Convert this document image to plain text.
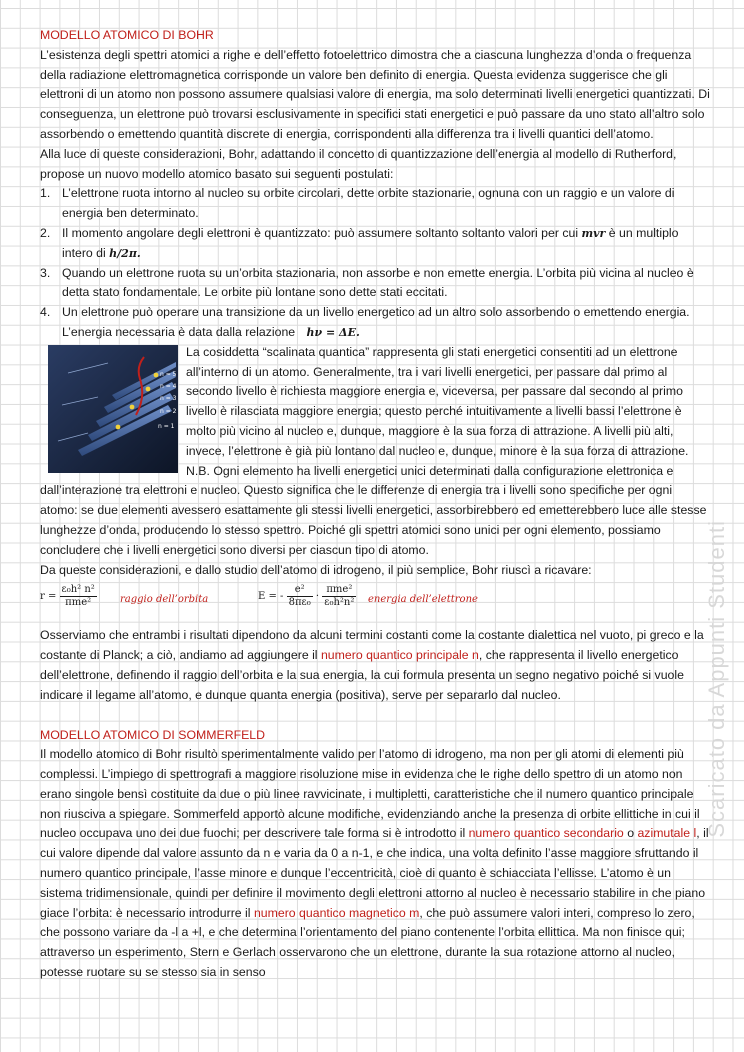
MODELLO ATOMICO DI BOHR

L’esistenza degli spettri atomici a righe e dell’effetto fotoelettrico dimostra che a ciascuna lunghezza d’onda o frequenza della radiazione elettromagnetica corrisponde un valore ben definito di energia. Questa evidenza suggerisce che gli elettroni di un atomo non possono assumere qualsiasi valore di energia, ma solo determinati livelli energetici quantizzati. Di conseguenza, un elettrone può trovarsi esclusivamente in specifici stati energetici e può passare da uno stato all’altro solo assorbendo o emettendo quantità discrete di energia, corrispondenti alla differenza tra i livelli quantici dell’atomo.

Alla luce di queste considerazioni, Bohr, adattando il concetto di quantizzazione dell’energia al modello di Rutherford, propose un nuovo modello atomico basato sui seguenti postulati:

1. L’elettrone ruota intorno al nucleo su orbite circolari, dette orbite stazionarie, ognuna con un raggio e un valore di energia ben determinato.
2. Il momento angolare degli elettroni è quantizzato: può assumere soltanto soltanto valori per cui mvr è un multiplo intero di h/2π.
3. Quando un elettrone ruota su un’orbita stazionaria, non assorbe e non emette energia. L’orbita più vicina al nucleo è detta stato fondamentale. Le orbite più lontane sono dette stati eccitati.
4. Un elettrone può operare una transizione da un livello energetico ad un altro solo assorbendo o emettendo energia. L’energia necessaria è data dalla relazione hν = ΔE.
n = 1
n = 2
n = 3
n = 4
n = 5

La cosiddetta “scalinata quantica” rappresenta gli stati energetici consentiti ad un elettrone all’interno di un atomo. Generalmente, tra i vari livelli energetici, per passare dal primo al secondo livello è richiesta maggiore energia e, viceversa, per passare dal secondo al primo livello è rilasciata maggiore energia; questo perché intuitivamente a livelli bassi l’elettrone è molto più vicino al nucleo e, dunque, maggiore è la sua forza di attrazione. A livelli più alti, invece, l’elettrone è già più lontano dal nucleo e, dunque, minore è la sua forza di attrazione. N.B. Ogni elemento ha livelli energetici unici determinati dalla configurazione elettronica e dall’interazione tra elettroni e nucleo. Questo significa che le differenze di energia tra i livelli sono specifiche per ogni atomo: se due elementi avessero esattamente gli stessi livelli energetici, assorbirebbero ed emetterebbero luce alle stesse lunghezze d’onda, producendo lo stesso spettro. Poiché gli spettri atomici sono unici per ogni elemento, possiamo concludere che i livelli energetici sono diversi per ciascun tipo di atomo.

Da queste considerazioni, e dallo studio dell’atomo di idrogeno, il più semplice, Bohr riuscì a ricavare:

$r = \frac{\text{ε₀h² n²}}{\text{πme²}}$ raggio dell’orbita	E = - $\frac{\text{e²}}{\text{8πε₀}} \cdot \frac{\text{πme²}}{\text{ε₀h²n²}}$ energia dell’elettrone

Osserviamo che entrambi i risultati dipendono da alcuni termini costanti come la costante dialettica nel vuoto, pi greco e la costante di Planck; a ciò, andiamo ad aggiungere il numero quantico principale n, che rappresenta il livello energetico dell’elettrone, definendo il raggio dell’orbita e la sua energia, la cui formula presenta un segno negativo poiché si vuole indicare il legame all’atomo, e dunque quanta energia (positiva), serve per separarlo dal nucleo.

MODELLO ATOMICO DI SOMMERFELD

Il modello atomico di Bohr risultò sperimentalmente valido per l’atomo di idrogeno, ma non per gli atomi di elementi più complessi. L’impiego di spettrografi a maggiore risoluzione mise in evidenza che le righe dello spettro di un atomo non erano singole bensì costituite da due o più linee ravvicinate, i multipletti, caratteristiche che il numero quantico principale non riusciva a spiegare. Sommerfeld apportò alcune modifiche, evidenziando anche la presenza di orbite ellittiche in cui il nucleo occupava uno dei due fuochi; per descrivere tale forma si è introdotto il numero quantico secondario o azimutale l, il cui valore dipende dal valore assunto da n e varia da 0 a n-1, e che indica, una volta definito l’asse maggiore sfruttando il numero quantico principale, l’asse minore e dunque l’eccentricità, cioè di quanto è schiacciata l’ellisse. L’atomo è un sistema tridimensionale, quindi per definire il movimento degli elettroni attorno al nucleo è necessario stabilire in che piano giace l’orbita: è necessario introdurre il numero quantico magnetico m, che può assumere valori interi, compreso lo zero, che possono variare da -l a +l, e che determina l’orientamento del piano contenente l’orbita ellittica. Ma non finisce qui; attraverso un esperimento, Stern e Gerlach osservarono che un elettrone, durante la sua rotazione attorno al nucleo, potesse ruotare su se stesso sia in senso

Scaricato da Appunti Studenti
